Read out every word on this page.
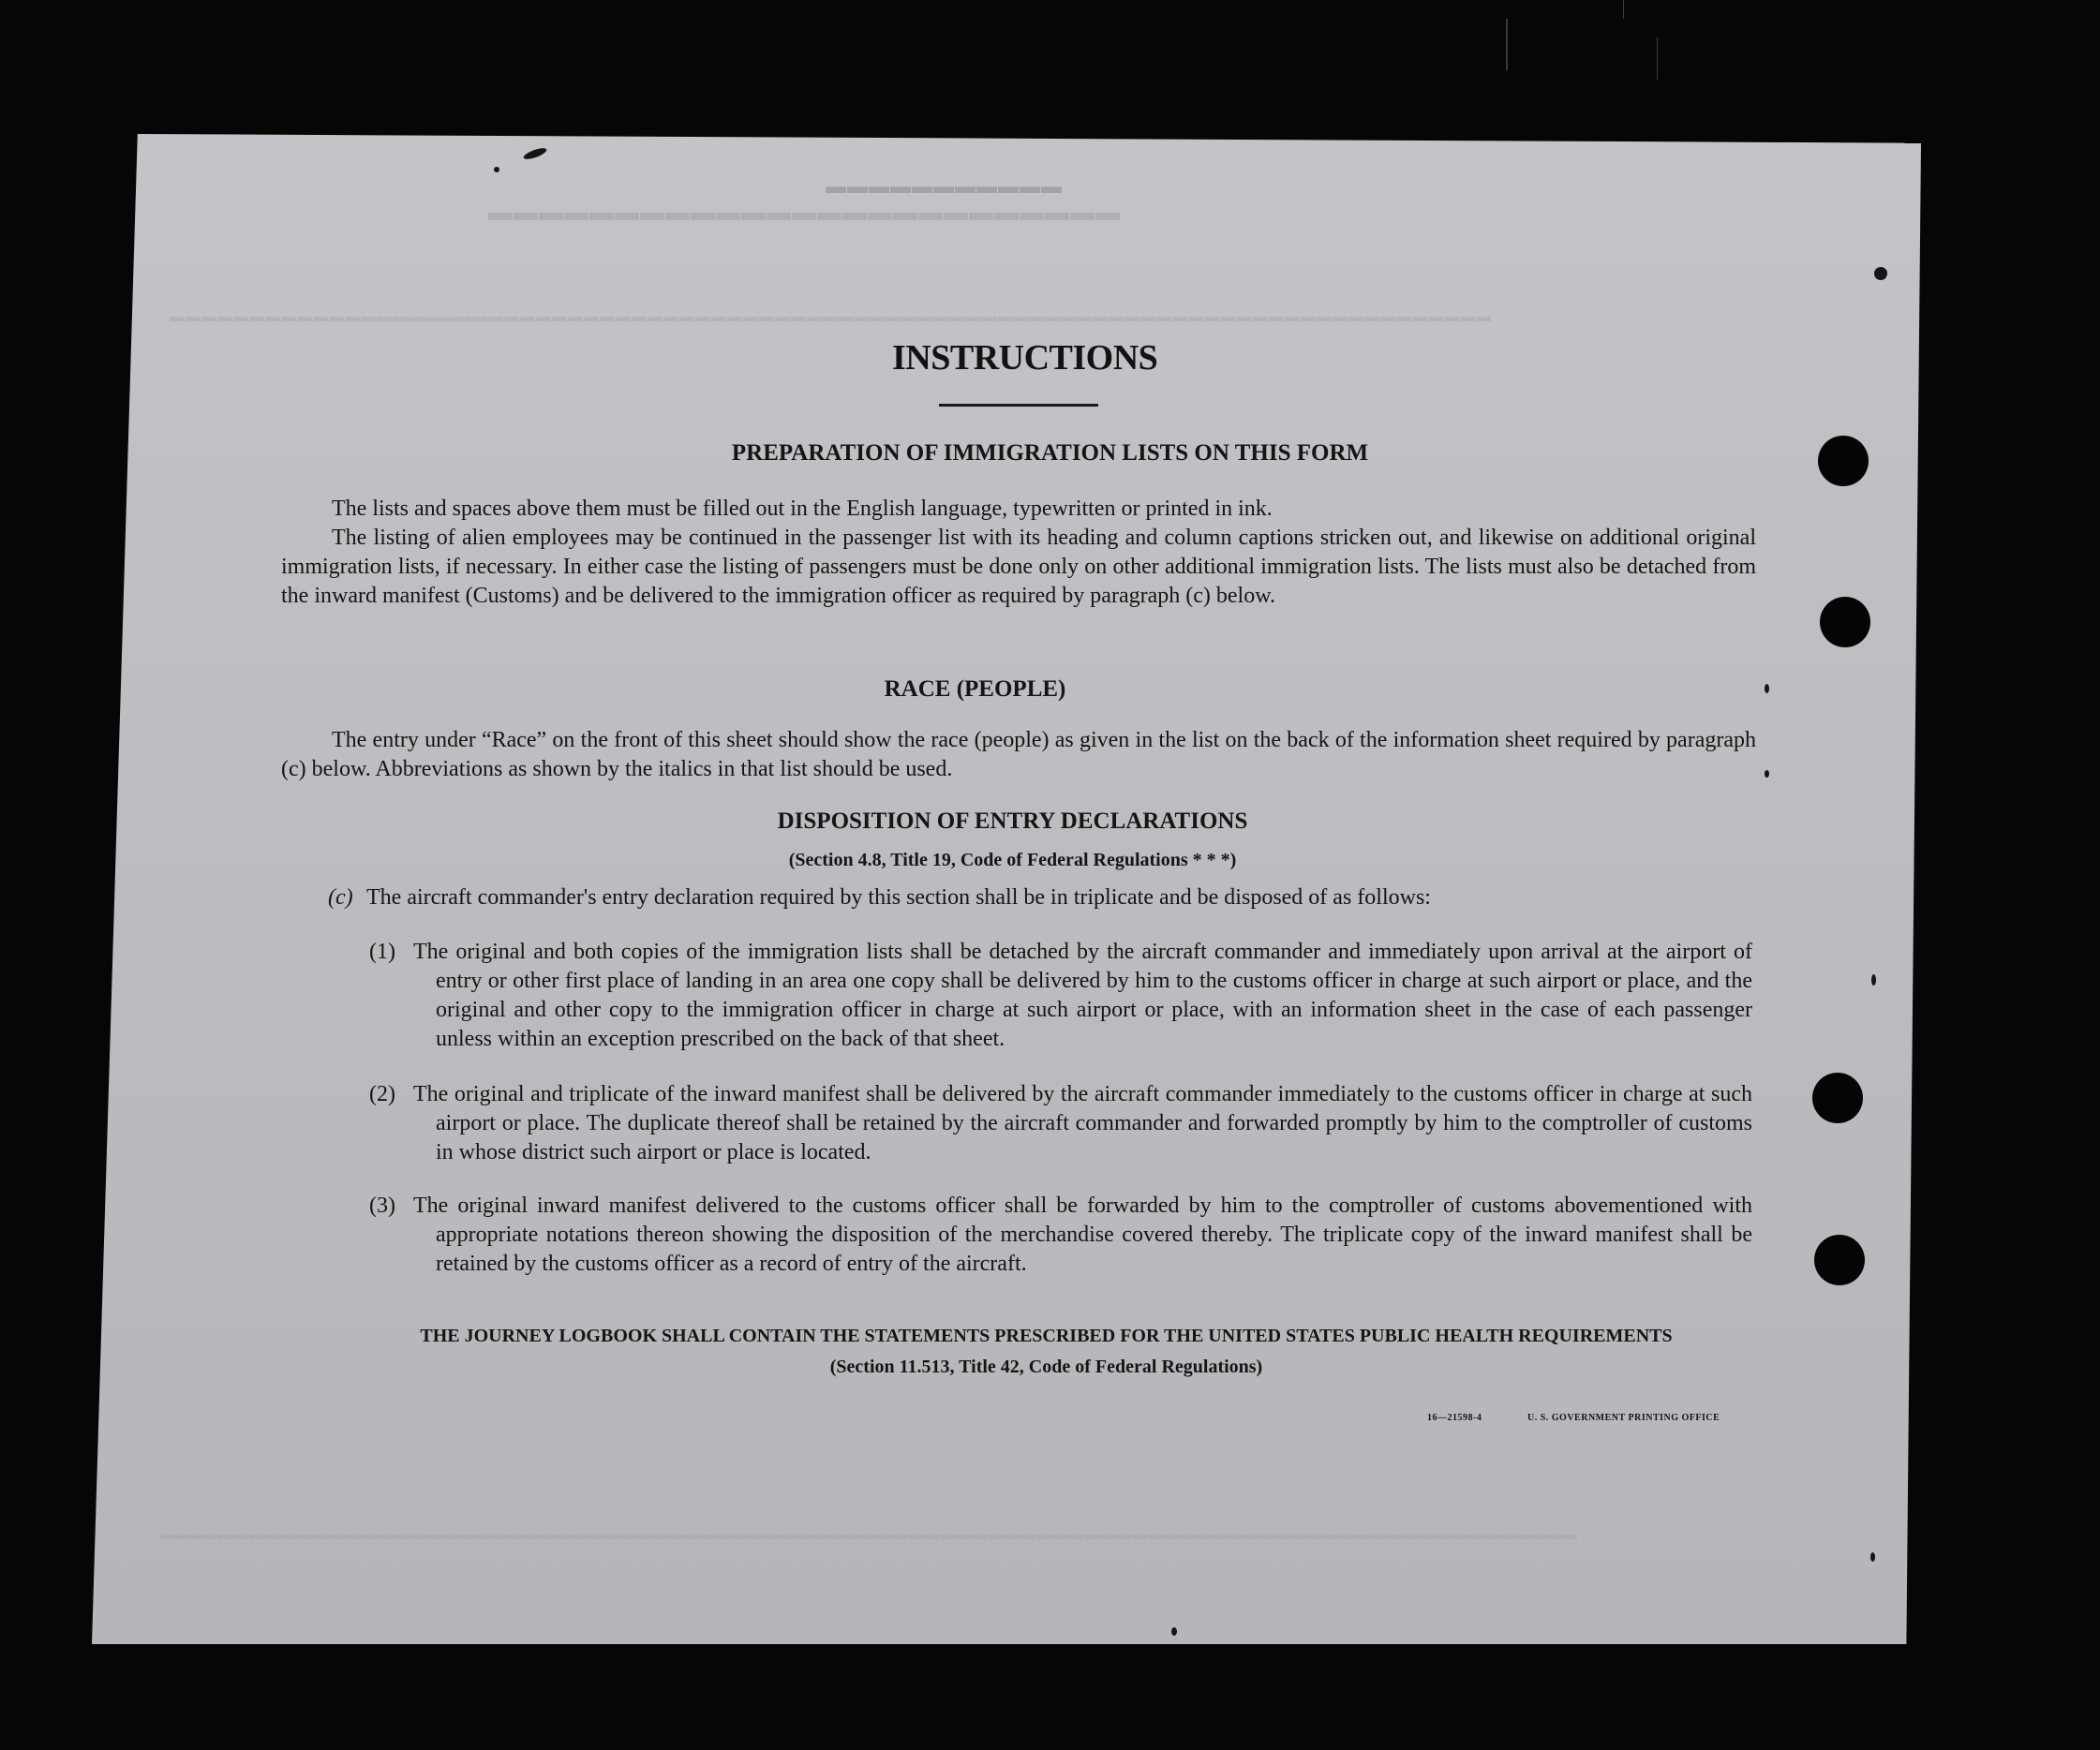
▬▬▬▬▬▬▬▬▬▬▬
▬▬▬▬▬▬▬▬▬▬▬▬▬▬▬▬▬▬▬▬▬▬▬▬▬
▬▬▬▬▬▬▬▬▬▬▬▬▬▬▬▬▬▬▬▬▬▬▬▬▬▬▬▬▬▬▬▬▬▬▬▬▬▬▬▬▬▬▬▬▬▬▬▬▬▬▬▬▬▬▬▬▬▬▬▬▬▬▬▬▬▬▬▬▬▬▬▬▬▬▬▬▬▬▬▬▬▬▬
▬▬▬▬▬▬▬▬▬▬▬▬▬▬▬▬▬▬▬▬▬▬▬▬▬▬▬▬▬▬▬▬▬▬▬▬▬▬▬▬▬▬▬▬▬▬▬▬▬▬▬▬▬▬▬▬▬▬▬▬▬▬▬▬▬▬▬▬▬▬▬▬▬▬▬▬▬▬▬▬▬▬▬▬▬▬▬▬▬
INSTRUCTIONS
PREPARATION OF IMMIGRATION LISTS ON THIS FORM

The lists and spaces above them must be filled out in the English language, typewritten or printed in ink.

The listing of alien employees may be continued in the passenger list with its heading and column captions stricken out, and likewise on additional original immigration lists, if necessary. In either case the listing of passengers must be done only on other additional immigration lists. The lists must also be detached from the inward manifest (Customs) and be delivered to the immigration officer as required by paragraph (c) below.

RACE (PEOPLE)

The entry under “Race” on the front of this sheet should show the race (people) as given in the list on the back of the information sheet required by paragraph (c) below. Abbreviations as shown by the italics in that list should be used.

DISPOSITION OF ENTRY DECLARATIONS
(Section 4.8, Title 19, Code of Federal Regulations * * *)
(c) The aircraft commander's entry declaration required by this section shall be in triplicate and be disposed of as follows:
(1) The original and both copies of the immigration lists shall be detached by the aircraft commander and immediately upon arrival at the airport of entry or other first place of landing in an area one copy shall be delivered by him to the customs officer in charge at such airport or place, and the original and other copy to the immigration officer in charge at such airport or place, with an information sheet in the case of each passenger unless within an exception prescribed on the back of that sheet.
(2) The original and triplicate of the inward manifest shall be delivered by the aircraft commander immediately to the customs officer in charge at such airport or place. The duplicate thereof shall be retained by the aircraft commander and forwarded promptly by him to the comptroller of customs in whose district such airport or place is located.
(3) The original inward manifest delivered to the customs officer shall be forwarded by him to the comptroller of customs abovementioned with appropriate notations thereon showing the disposition of the merchandise covered thereby. The triplicate copy of the inward manifest shall be retained by the customs officer as a record of entry of the aircraft.
THE JOURNEY LOGBOOK SHALL CONTAIN THE STATEMENTS PRESCRIBED FOR THE UNITED STATES PUBLIC HEALTH REQUIREMENTS
(Section 11.513, Title 42, Code of Federal Regulations)
16—21598-4	U. S. GOVERNMENT PRINTING OFFICE
